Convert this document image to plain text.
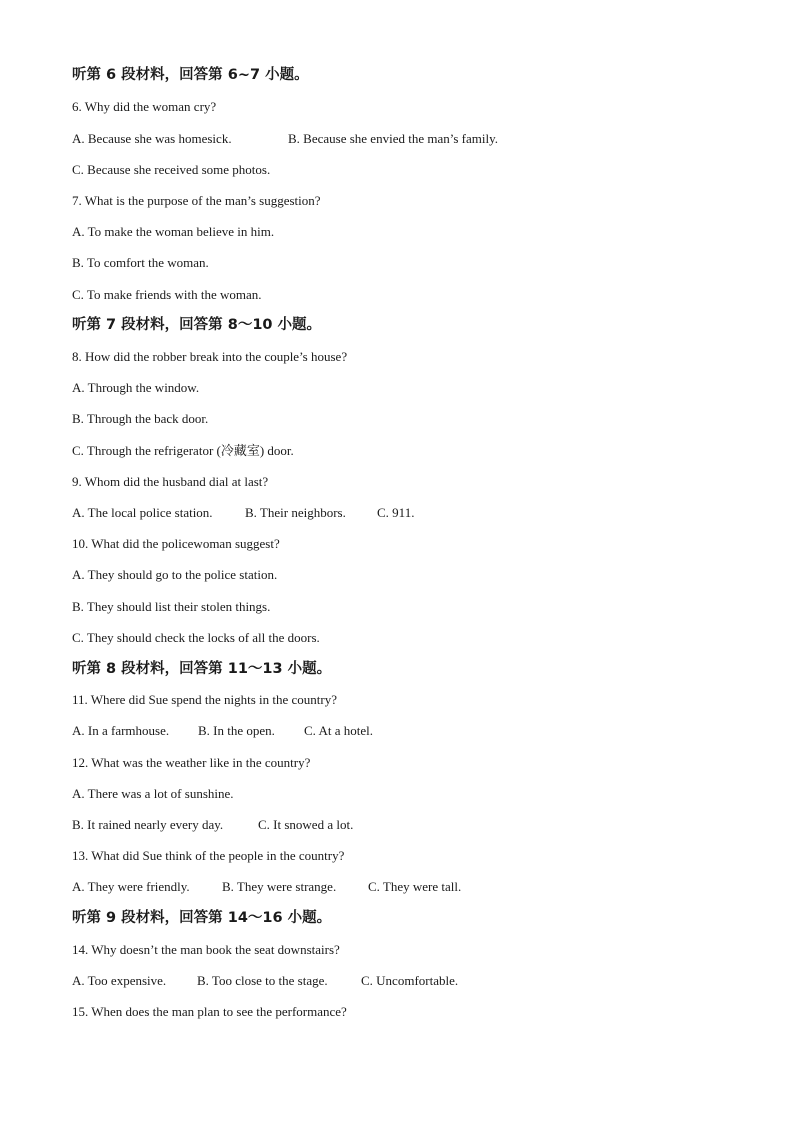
听第 6 段材料，回答第 6~7 小题。
6. Why did the woman cry?
A. Because she was homesick.	B. Because she envied the man’s family.
C. Because she received some photos.
7. What is the purpose of the man’s suggestion?
A. To make the woman believe in him.
B. To comfort the woman.
C. To make friends with the woman.
听第 7 段材料，回答第 8～10 小题。
8. How did the robber break into the couple’s house?
A. Through the window.
B. Through the back door.
C. Through the refrigerator (冷藏室) door.
9. Whom did the husband dial at last?
A. The local police station. B. Their neighbors. C. 911.
10. What did the policewoman suggest?
A. They should go to the police station.
B. They should list their stolen things.
C. They should check the locks of all the doors.
听第 8 段材料，回答第 11～13 小题。
11. Where did Sue spend the nights in the country?
A. In a farmhouse. B. In the open. C. At a hotel.
12. What was the weather like in the country?
A. There was a lot of sunshine.
B. It rained nearly every day.	C. It snowed a lot.
13. What did Sue think of the people in the country?
A. They were friendly. B. They were strange. C. They were tall.
听第 9 段材料，回答第 14～16 小题。
14. Why doesn’t the man book the seat downstairs?
A. Too expensive. B. Too close to the stage.	C. Uncomfortable.
15. When does the man plan to see the performance?
